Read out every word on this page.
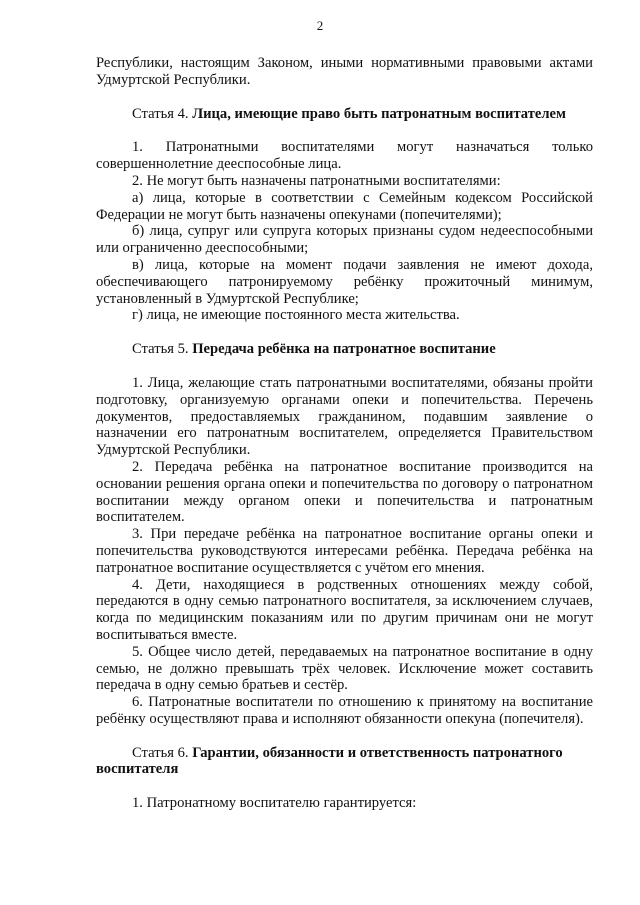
2

Республики, настоящим Законом, иными нормативными правовыми актами Удмуртской Республики.

Статья 4. Лица, имеющие право быть патронатным воспитателем

1. Патронатными воспитателями могут назначаться только совершеннолетние дееспособные лица.

2. Не могут быть назначены патронатными воспитателями:

а) лица, которые в соответствии с Семейным кодексом Российской Федерации не могут быть назначены опекунами (попечителями);

б) лица, супруг или супруга которых признаны судом недееспособными или ограниченно дееспособными;

в) лица, которые на момент подачи заявления не имеют дохода, обеспечивающего патронируемому ребёнку прожиточный минимум, установленный в Удмуртской Республике;

г) лица, не имеющие постоянного места жительства.

Статья 5. Передача ребёнка на патронатное воспитание

1. Лица, желающие стать патронатными воспитателями, обязаны пройти подготовку, организуемую органами опеки и попечительства. Перечень документов, предоставляемых гражданином, подавшим заявление о назначении его патронатным воспитателем, определяется Правительством Удмуртской Республики.

2. Передача ребёнка на патронатное воспитание производится на основании решения органа опеки и попечительства по договору о патронатном воспитании между органом опеки и попечительства и патронатным воспитателем.

3. При передаче ребёнка на патронатное воспитание органы опеки и попечительства руководствуются интересами ребёнка. Передача ребёнка на патронатное воспитание осуществляется с учётом его мнения.

4. Дети, находящиеся в родственных отношениях между собой, передаются в одну семью патронатного воспитателя, за исключением случаев, когда по медицинским показаниям или по другим причинам они не могут воспитываться вместе.

5. Общее число детей, передаваемых на патронатное воспитание в одну семью, не должно превышать трёх человек. Исключение может составить передача в одну семью братьев и сестёр.

6. Патронатные воспитатели по отношению к принятому на воспитание ребёнку осуществляют права и исполняют обязанности опекуна (попечителя).

Статья 6. Гарантии, обязанности и ответственность патронатного воспитателя

1. Патронатному воспитателю гарантируется:
